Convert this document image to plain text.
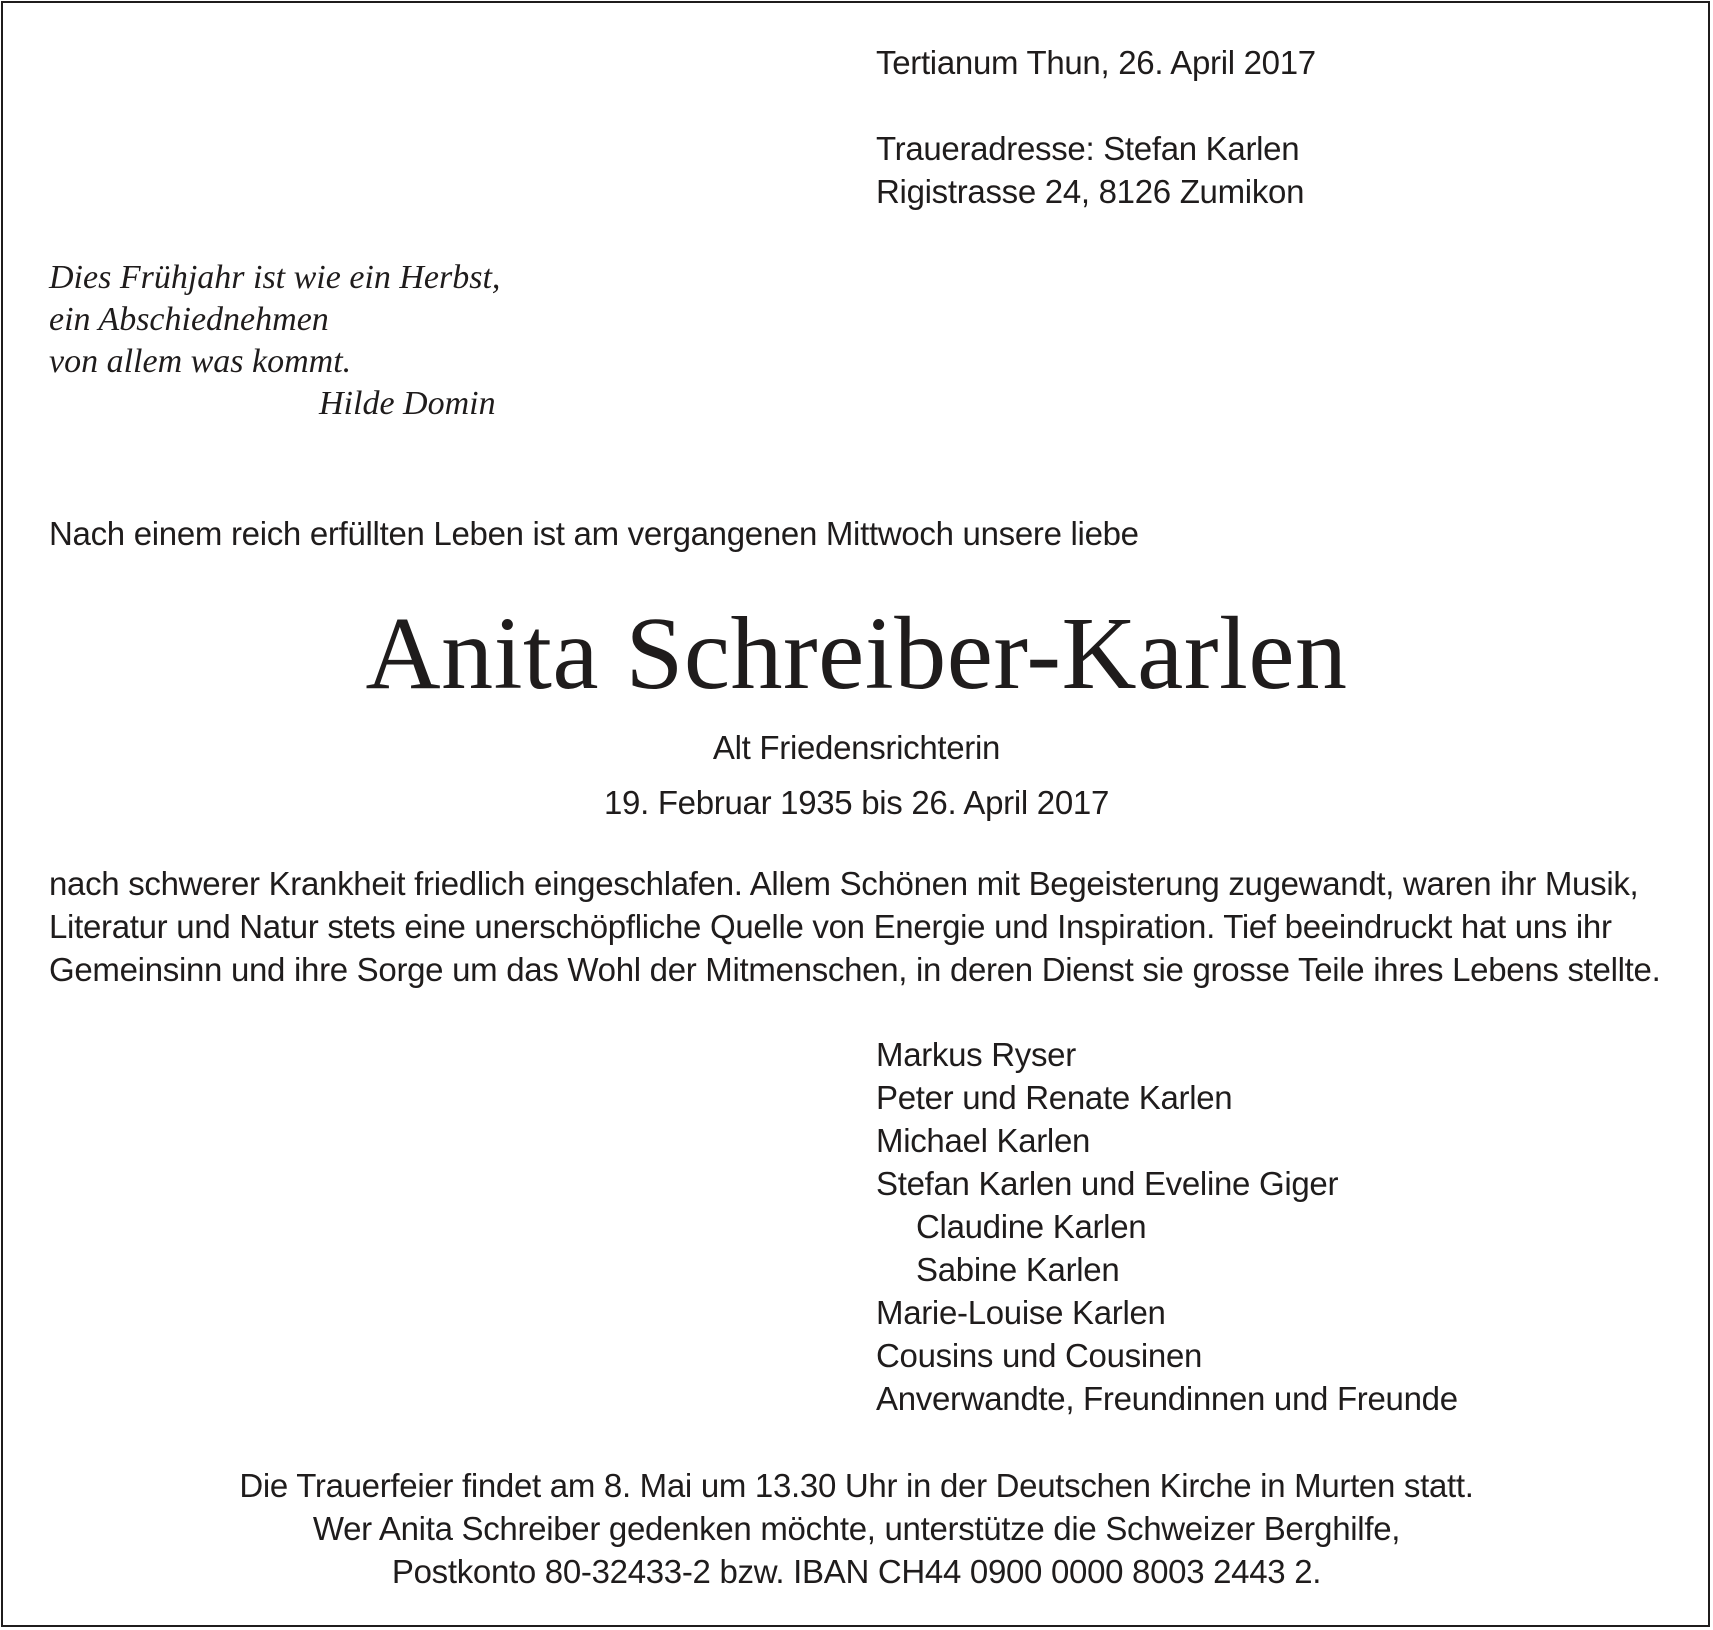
Tertianum Thun, 26. April 2017
Traueradresse: Stefan Karlen
Rigistrasse 24, 8126 Zumikon
Dies Frühjahr ist wie ein Herbst,
ein Abschiednehmen
von allem was kommt.
Hilde Domin
Nach einem reich erfüllten Leben ist am vergangenen Mittwoch unsere liebe
Anita Schreiber-Karlen
Alt Friedensrichterin
19. Februar 1935 bis 26. April 2017
nach schwerer Krankheit friedlich eingeschlafen. Allem Schönen mit Begeisterung zugewandt, waren ihr Musik,
Literatur und Natur stets eine unerschöpfliche Quelle von Energie und Inspiration. Tief beeindruckt hat uns ihr
Gemeinsinn und ihre Sorge um das Wohl der Mitmenschen, in deren Dienst sie grosse Teile ihres Lebens stellte.
Markus Ryser
Peter und Renate Karlen
Michael Karlen
Stefan Karlen und Eveline Giger
Claudine Karlen
Sabine Karlen
Marie-Louise Karlen
Cousins und Cousinen
Anverwandte, Freundinnen und Freunde
Die Trauerfeier findet am 8. Mai um 13.30 Uhr in der Deutschen Kirche in Murten statt.
Wer Anita Schreiber gedenken möchte, unterstütze die Schweizer Berghilfe,
Postkonto 80-32433-2 bzw. IBAN CH44 0900 0000 8003 2443 2.
